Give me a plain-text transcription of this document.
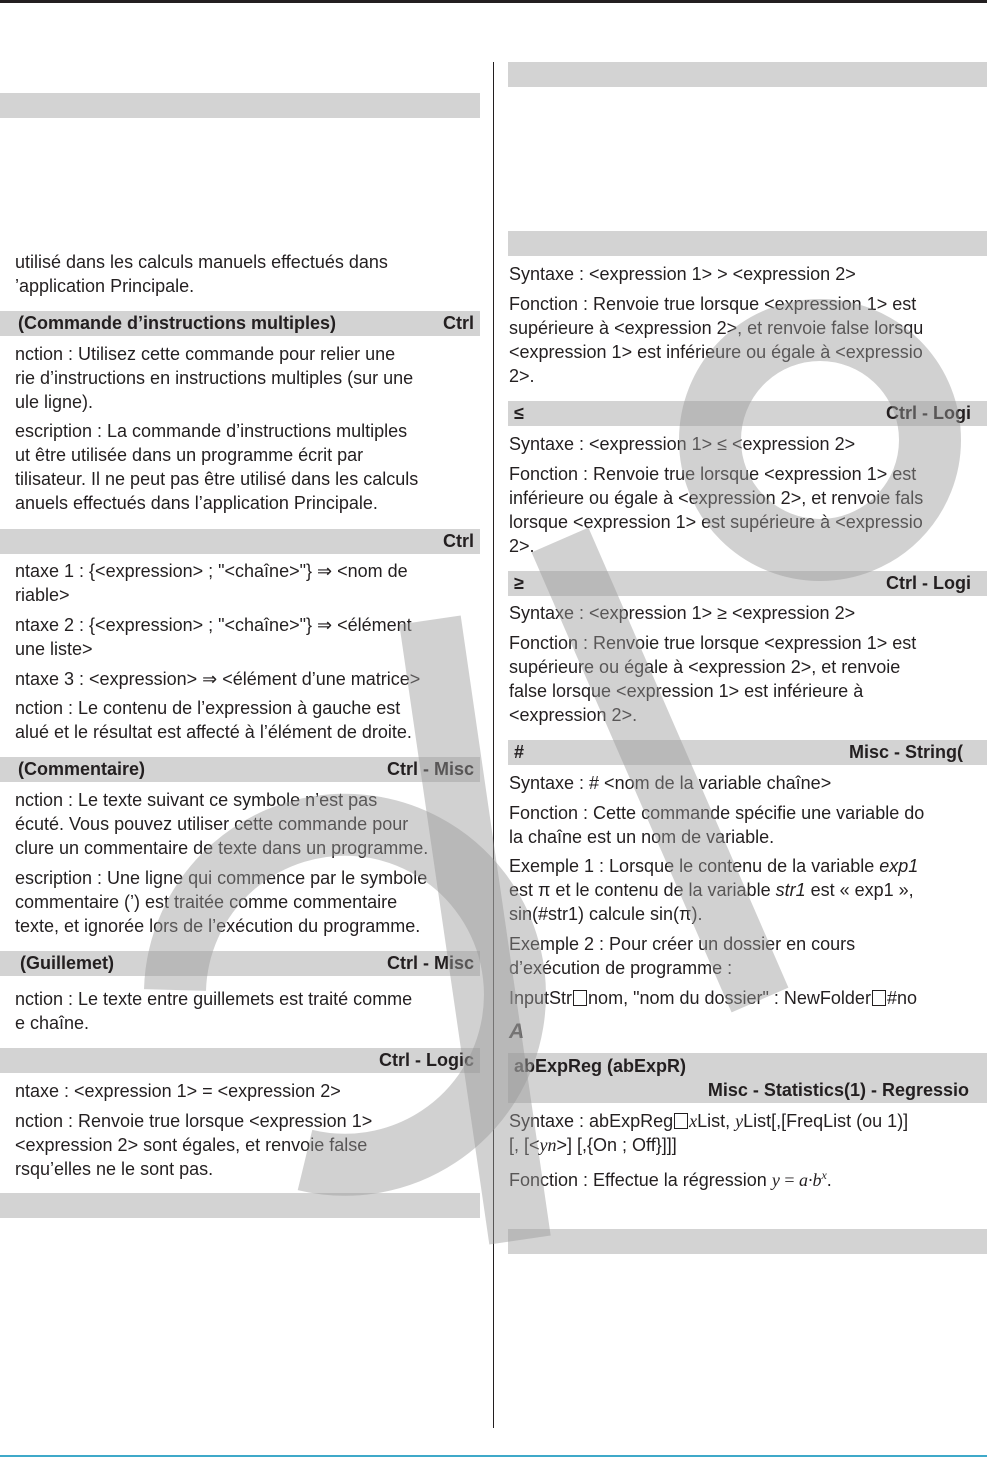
utilisé dans les calculs manuels effectués dans
’application Principale.
(Commande d’instructions multiples)	Ctrl
nction : Utilisez cette commande pour relier une
rie d’instructions en instructions multiples (sur une
ule ligne).
escription : La commande d’instructions multiples
ut être utilisée dans un programme écrit par
tilisateur. Il ne peut pas être utilisé dans les calculs
anuels effectués dans l’application Principale.
Ctrl
ntaxe 1 : {<expression> ; "<chaîne>"} ⇒ <nom de
riable>
ntaxe 2 : {<expression> ; "<chaîne>"} ⇒ <élément
une liste>
ntaxe 3 : <expression> ⇒ <élément d’une matrice>
nction : Le contenu de l’expression à gauche est
alué et le résultat est affecté à l’élément de droite.
(Commentaire)	Ctrl - Misc
nction : Le texte suivant ce symbole n’est pas
écuté. Vous pouvez utiliser cette commande pour
clure un commentaire de texte dans un programme.
escription : Une ligne qui commence par le symbole
commentaire (’) est traitée comme commentaire
texte, et ignorée lors de l’exécution du programme.
(Guillemet)	Ctrl - Misc
nction : Le texte entre guillemets est traité comme
e chaîne.
Ctrl - Logic
ntaxe : <expression 1> = <expression 2>
nction : Renvoie true lorsque <expression 1>
<expression 2> sont égales, et renvoie false
rsqu’elles ne le sont pas.
Syntaxe : <expression 1> > <expression 2>
Fonction : Renvoie true lorsque <expression 1> est
supérieure à <expression 2>, et renvoie false lorsqu
<expression 1> est inférieure ou égale à <expressio
2>.
≤	Ctrl - Logi
Syntaxe : <expression 1> ≤ <expression 2>
Fonction : Renvoie true lorsque <expression 1> est
inférieure ou égale à <expression 2>, et renvoie fals
lorsque <expression 1> est supérieure à <expressio
2>.
≥	Ctrl - Logi
Syntaxe : <expression 1> ≥ <expression 2>
Fonction : Renvoie true lorsque <expression 1> est
supérieure ou égale à <expression 2>, et renvoie
false lorsque <expression 1> est inférieure à
<expression 2>.
#	Misc - String(
Syntaxe : # <nom de la variable chaîne>
Fonction : Cette commande spécifie une variable do
la chaîne est un nom de variable.
Exemple 1 : Lorsque le contenu de la variable exp1
est π et le contenu de la variable str1 est « exp1 »,
sin(#str1) calcule sin(π).
Exemple 2 : Pour créer un dossier en cours
d’exécution de programme :
InputStr nom, "nom du dossier" : NewFolder #no
A
abExpReg (abExpR)
Misc - Statistics(1) - Regressio
Syntaxe : abExpReg xList, yList[,[FreqList (ou 1)]
[, [<yn>] [,{On ; Off}]]]
Fonction : Effectue la régression $y = a\cdot b^x$.
